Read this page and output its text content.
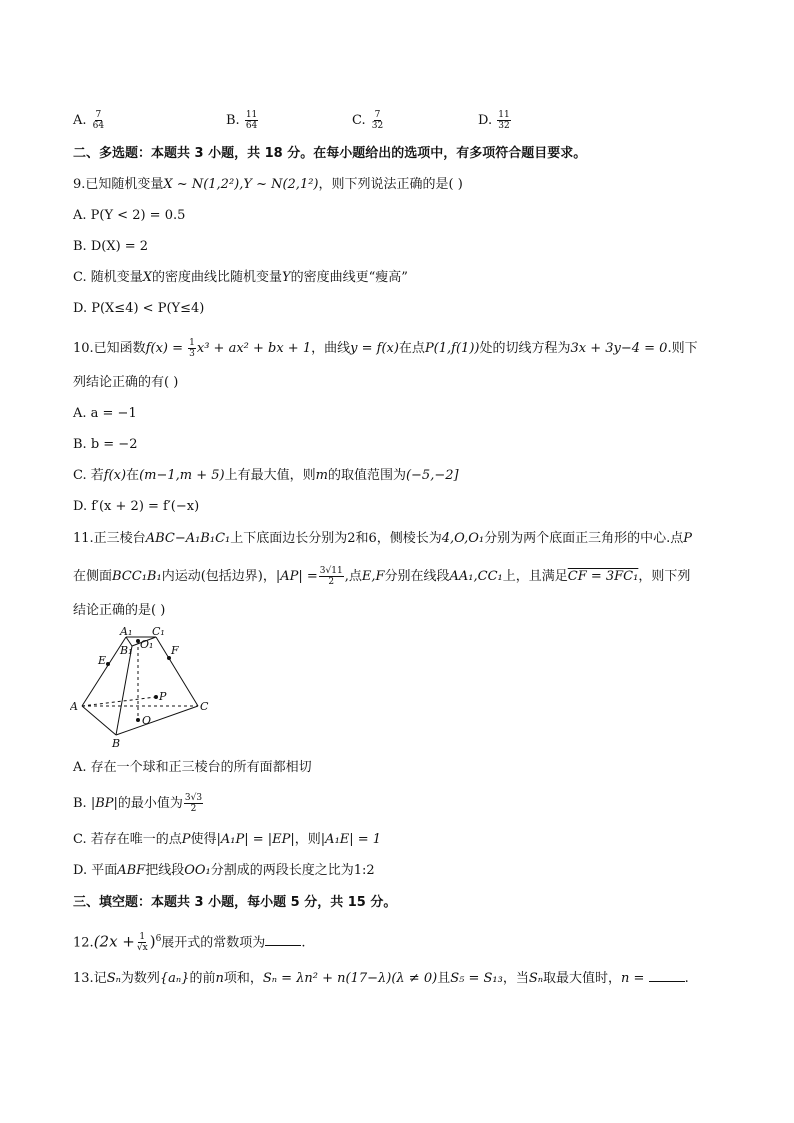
A. $\frac{7}{64}$	B. $\frac{11}{64}$	C. $\frac{7}{32}$	D. $\frac{11}{32}$
二、多选题：本题共 3 小题，共 18 分。在每小题给出的选项中，有多项符合题目要求。
9.已知随机变量X ~ N(1,2²),Y ~ N(2,1²)，则下列说法正确的是( )
A. P(Y < 2) = 0.5
B. D(X) = 2
C. 随机变量X的密度曲线比随机变量Y的密度曲线更“瘦高”
D. P(X≤4) < P(Y≤4)
10.已知函数$f(x) = \frac{1}{3} x^3 + ax^2$ + bx + 1，曲线y = f(x)在点P(1,f(1))处的切线方程为3x + 3y−4 = 0.则下
列结论正确的有( )
A. a = −1
B. b = −2
C. 若f(x)在(m−1,m + 5)上有最大值，则m的取值范围为(−5,−2]
D. f′(x + 2) = f′(−x)
11.正三棱台ABC−A₁B₁C₁上下底面边长分别为2和6，侧棱长为4,O,O₁分别为两个底面正三角形的中心.点P
在侧面BCC₁B₁内运动(包括边界)，$|AP| = \frac{3√11}{2}$ ,点E,F分别在线段AA₁,CC₁上，且满足CF = 3FC₁，则下列
结论正确的是( )
A₁ C₁
B₁ O₁
E
F
P
A	C
O
B
A. 存在一个球和正三棱台的所有面都相切
B. |BP|的最小值为 $\frac{3√3}{2}$
C. 若存在唯一的点P使得|A₁P| = |EP|，则|A₁E| = 1
D. 平面ABF把线段OO₁分割成的两段长度之比为1:2
三、填空题：本题共 3 小题，每小题 5 分，共 15 分。
$12.(2x + \frac{1}{√x} )^6$展开式的常数项为	.
13.记Sₙ为数列{aₙ}的前n项和，Sₙ = λn² + n(17−λ)(λ ≠ 0)且S₅ = S₁₃，当Sₙ取最大值时，n =	.
